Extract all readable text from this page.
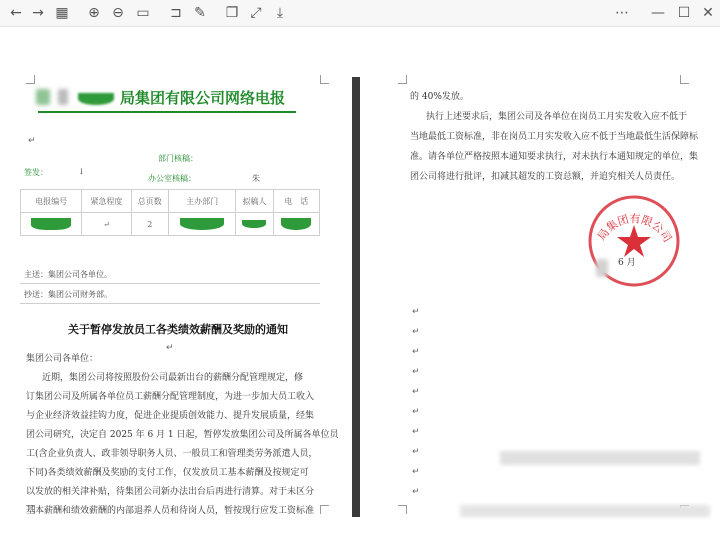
← → ▦ ⊕ ⊖ ▭ ⊐ ✎ ❐ ⤢	⤓	⋯ — ☐ ✕
局集团有限公司网络电报
↵
部门核稿：
签发：	↓
办公室核稿：	朱
电报编号	紧急程度	总页数	主办部门	拟稿人	电　话

	↵	2	

主送：集团公司各单位。
抄送：集团公司财务部。
关于暂停发放员工各类绩效薪酬及奖励的通知
↵
集团公司各单位：
近期，集团公司将按照股份公司最新出台的薪酬分配管理规定，修
订集团公司及所属各单位员工薪酬分配管理制度，为进一步加大员工收入
与企业经济效益挂钩力度，促进企业提质创效能力、提升发展质量，经集
团公司研究，决定自 2025 年 6 月 1 日起，暂停发放集团公司及所属各单位员
工(含企业负责人、政非领导职务人员、一般员工和管理类劳务派遣人员，
下同)各类绩效薪酬及奖励的支付工作，仅发放员工基本薪酬及按规定可
以发放的相关津补贴，待集团公司新办法出台后再进行清算。对于未区分
基本薪酬和绩效薪酬的内部退养人员和待岗人员，暂按现行应发工资标准
的 40%发放。
执行上述要求后，集团公司及各单位在岗员工月实发收入应不低于
当地最低工资标准，非在岗员工月实发收入应不低于当地最低生活保障标
准。请各单位严格按照本通知要求执行，对未执行本通知规定的单位，集
团公司将进行批评，扣减其超发的工资总额，并追究相关人员责任。
局集团有限公司
6 月
↵
↵
↵
↵
↵
↵
↵
↵
↵
↵
